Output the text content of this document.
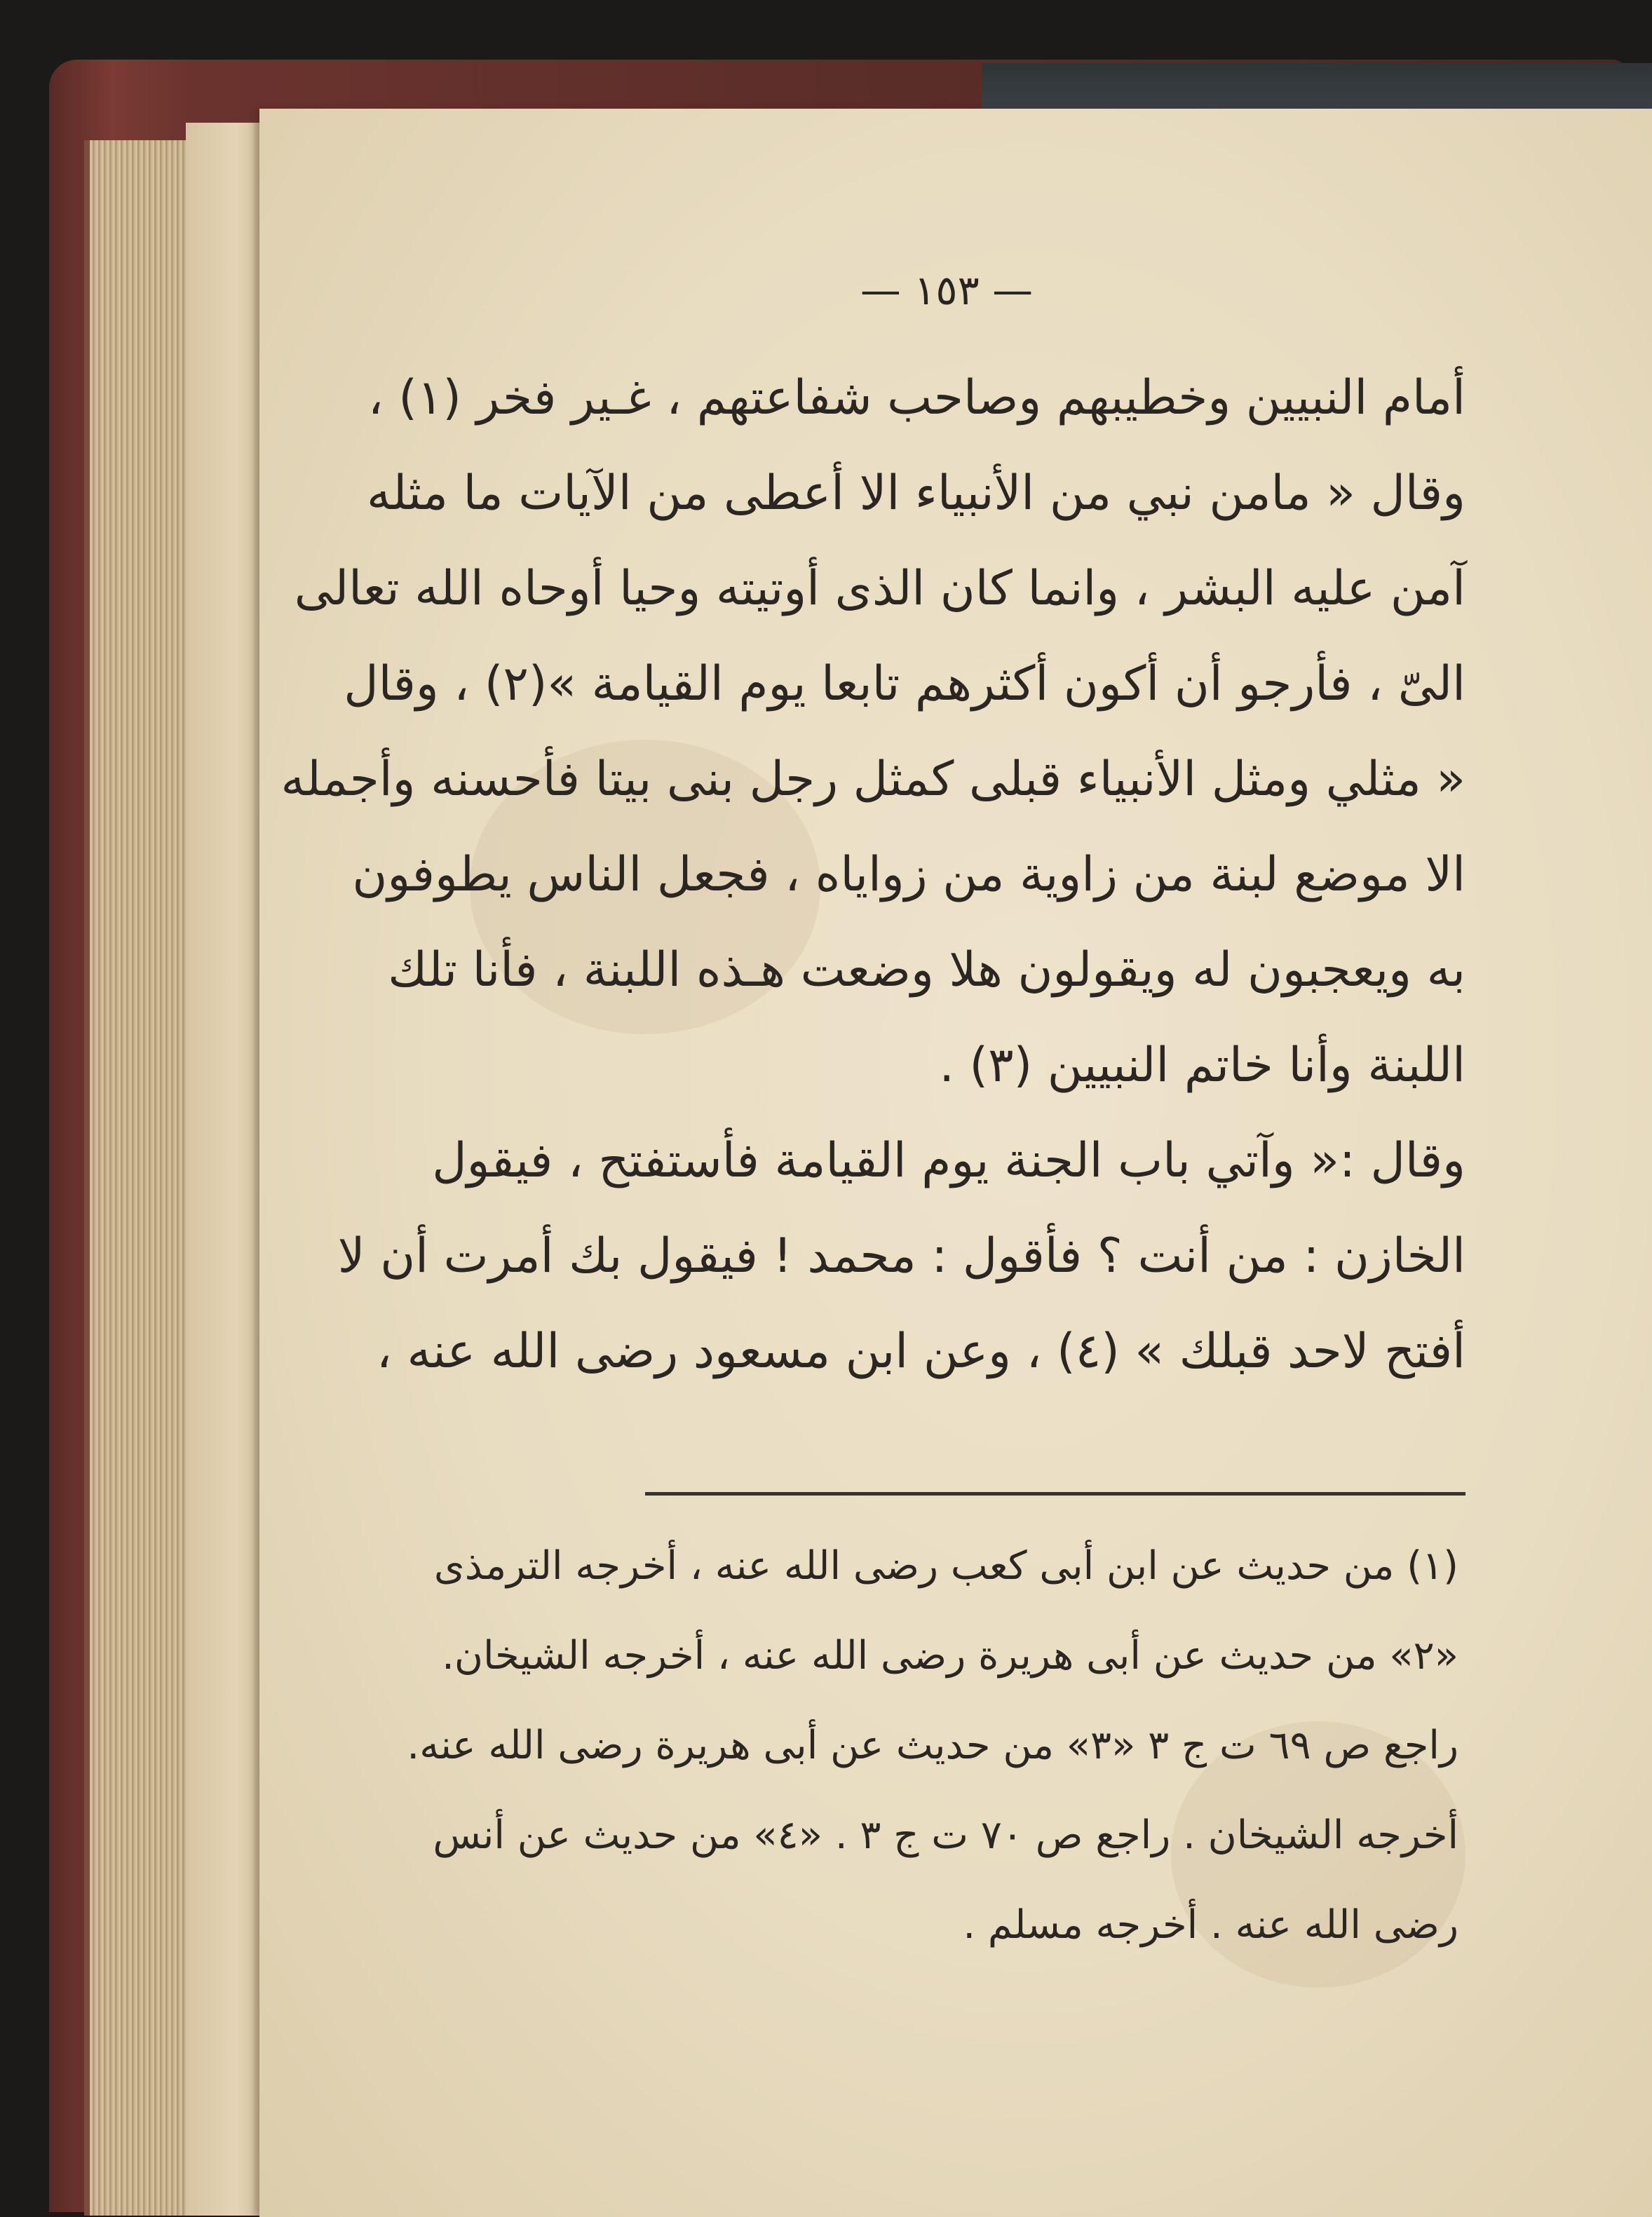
— ١٥٣ —
أمام النبيين وخطيبهم وصاحب شفاعتهم ، غـير فخر (١) ،
وقال « مامن نبي من الأنبياء الا أعطى من الآيات ما مثله
آمن عليه البشر ، وانما كان الذى أوتيته وحيا أوحاه الله تعالى
الىّ ، فأرجو أن أكون أكثرهم تابعا يوم القيامة »(٢) ، وقال
« مثلي ومثل الأنبياء قبلى كمثل رجل بنى بيتا فأحسنه وأجمله
الا موضع لبنة من زاوية من زواياه ، فجعل الناس يطوفون
به ويعجبون له ويقولون هلا وضعت هـذه اللبنة ، فأنا تلك
اللبنة وأنا خاتم النبيين (٣) .
وقال :« وآتي باب الجنة يوم القيامة فأستفتح ، فيقول
الخازن : من أنت ؟ فأقول : محمد ! فيقول بك أمرت أن لا
أفتح لاحد قبلك » (٤) ، وعن ابن مسعود رضى الله عنه ،
(١) من حديث عن ابن أبى كعب رضى الله عنه ، أخرجه الترمذى
«٢» من حديث عن أبى هريرة رضى الله عنه ، أخرجه الشيخان.
راجع ص ٦٩ ت ج ٣ «٣» من حديث عن أبى هريرة رضى الله عنه.
أخرجه الشيخان . راجع ص ٧٠ ت ج ٣ . «٤» من حديث عن أنس
رضى الله عنه . أخرجه مسلم .
